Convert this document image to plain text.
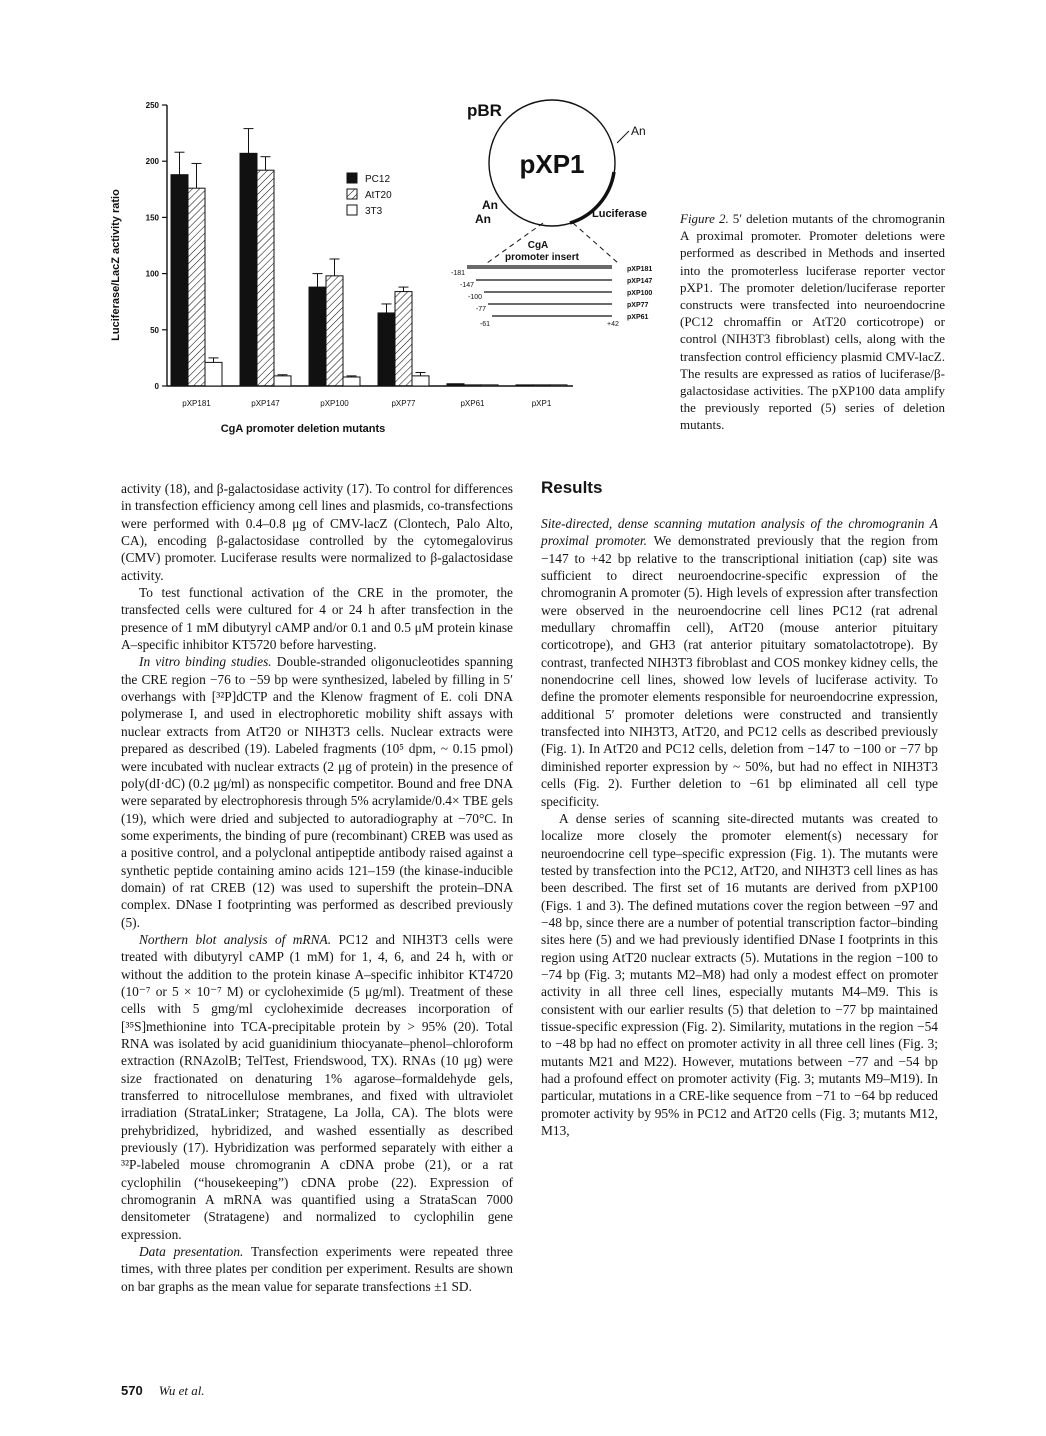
0
50
100
150
200
250
pXP181	pXP147	pXP100	pXP77	pXP61	pXP1
PC12
AtT20
3T3
Luciferase/LacZ activity ratio
CgA promoter deletion mutants
pXP1
pBR
An
An
An	Luciferase
CgA
promoter insert
-181
pXP181
-147
pXP147
-100
pXP100
-77
pXP77
-61
pXP61
+42
Figure 2. 5′ deletion mutants of the chromogranin A proximal promoter. Promoter deletions were performed as described in Methods and inserted into the promoterless luciferase reporter vector pXP1. The promoter deletion/luciferase reporter constructs were transfected into neuroendocrine (PC12 chromaffin or AtT20 corticotrope) or control (NIH3T3 fibroblast) cells, along with the transfection control efficiency plasmid CMV-lacZ. The results are expressed as ratios of luciferase/β-galactosidase activities. The pXP100 data amplify the previously reported (5) series of deletion mutants.

activity (18), and β-galactosidase activity (17). To control for differences in transfection efficiency among cell lines and plasmids, co-transfections were performed with 0.4–0.8 μg of CMV-lacZ (Clontech, Palo Alto, CA), encoding β-galactosidase controlled by the cytomegalovirus (CMV) promoter. Luciferase results were normalized to β-galactosidase activity.

To test functional activation of the CRE in the promoter, the transfected cells were cultured for 4 or 24 h after transfection in the presence of 1 mM dibutyryl cAMP and/or 0.1 and 0.5 μM protein kinase A–specific inhibitor KT5720 before harvesting.

In vitro binding studies. Double-stranded oligonucleotides spanning the CRE region −76 to −59 bp were synthesized, labeled by filling in 5′ overhangs with [³²P]dCTP and the Klenow fragment of E. coli DNA polymerase I, and used in electrophoretic mobility shift assays with nuclear extracts from AtT20 or NIH3T3 cells. Nuclear extracts were prepared as described (19). Labeled fragments (10⁵ dpm, ~ 0.15 pmol) were incubated with nuclear extracts (2 μg of protein) in the presence of poly(dI·dC) (0.2 μg/ml) as nonspecific competitor. Bound and free DNA were separated by electrophoresis through 5% acrylamide/0.4× TBE gels (19), which were dried and subjected to autoradiography at −70°C. In some experiments, the binding of pure (recombinant) CREB was used as a positive control, and a polyclonal antipeptide antibody raised against a synthetic peptide containing amino acids 121–159 (the kinase-inducible domain) of rat CREB (12) was used to supershift the protein–DNA complex. DNase I footprinting was performed as described previously (5).

Northern blot analysis of mRNA. PC12 and NIH3T3 cells were treated with dibutyryl cAMP (1 mM) for 1, 4, 6, and 24 h, with or without the addition to the protein kinase A–specific inhibitor KT4720 (10⁻⁷ or 5 × 10⁻⁷ M) or cycloheximide (5 μg/ml). Treatment of these cells with 5 gmg/ml cycloheximide decreases incorporation of [³⁵S]methionine into TCA-precipitable protein by > 95% (20). Total RNA was isolated by acid guanidinium thiocyanate–phenol–chloroform extraction (RNAzolB; TelTest, Friendswood, TX). RNAs (10 μg) were size fractionated on denaturing 1% agarose–formaldehyde gels, transferred to nitrocellulose membranes, and fixed with ultraviolet irradiation (StrataLinker; Stratagene, La Jolla, CA). The blots were prehybridized, hybridized, and washed essentially as described previously (17). Hybridization was performed separately with either a ³²P-labeled mouse chromogranin A cDNA probe (21), or a rat cyclophilin (“housekeeping”) cDNA probe (22). Expression of chromogranin A mRNA was quantified using a StrataScan 7000 densitometer (Stratagene) and normalized to cyclophilin gene expression.

Data presentation. Transfection experiments were repeated three times, with three plates per condition per experiment. Results are shown on bar graphs as the mean value for separate transfections ±1 SD.

Results

Site-directed, dense scanning mutation analysis of the chromogranin A proximal promoter. We demonstrated previously that the region from −147 to +42 bp relative to the transcriptional initiation (cap) site was sufficient to direct neuroendocrine-specific expression of the chromogranin A promoter (5). High levels of expression after transfection were observed in the neuroendocrine cell lines PC12 (rat adrenal medullary chromaffin cell), AtT20 (mouse anterior pituitary corticotrope), and GH3 (rat anterior pituitary somatolactotrope). By contrast, tranfected NIH3T3 fibroblast and COS monkey kidney cells, the nonendocrine cell lines, showed low levels of luciferase activity. To define the promoter elements responsible for neuroendocrine expression, additional 5′ promoter deletions were constructed and transiently transfected into NIH3T3, AtT20, and PC12 cells as described previously (Fig. 1). In AtT20 and PC12 cells, deletion from −147 to −100 or −77 bp diminished reporter expression by ~ 50%, but had no effect in NIH3T3 cells (Fig. 2). Further deletion to −61 bp eliminated all cell type specificity.

A dense series of scanning site-directed mutants was created to localize more closely the promoter element(s) necessary for neuroendocrine cell type–specific expression (Fig. 1). The mutants were tested by transfection into the PC12, AtT20, and NIH3T3 cell lines as has been described. The first set of 16 mutants are derived from pXP100 (Figs. 1 and 3). The defined mutations cover the region between −97 and −48 bp, since there are a number of potential transcription factor–binding sites here (5) and we had previously identified DNase I footprints in this region using AtT20 nuclear extracts (5). Mutations in the region −100 to −74 bp (Fig. 3; mutants M2–M8) had only a modest effect on promoter activity in all three cell lines, especially mutants M4–M9. This is consistent with our earlier results (5) that deletion to −77 bp maintained tissue-specific expression (Fig. 2). Similarity, mutations in the region −54 to −48 bp had no effect on promoter activity in all three cell lines (Fig. 3; mutants M21 and M22). However, mutations between −77 and −54 bp had a profound effect on promoter activity (Fig. 3; mutants M9–M19). In particular, mutations in a CRE-like sequence from −71 to −64 bp reduced promoter activity by 95% in PC12 and AtT20 cells (Fig. 3; mutants M12, M13,

570 Wu et al.
